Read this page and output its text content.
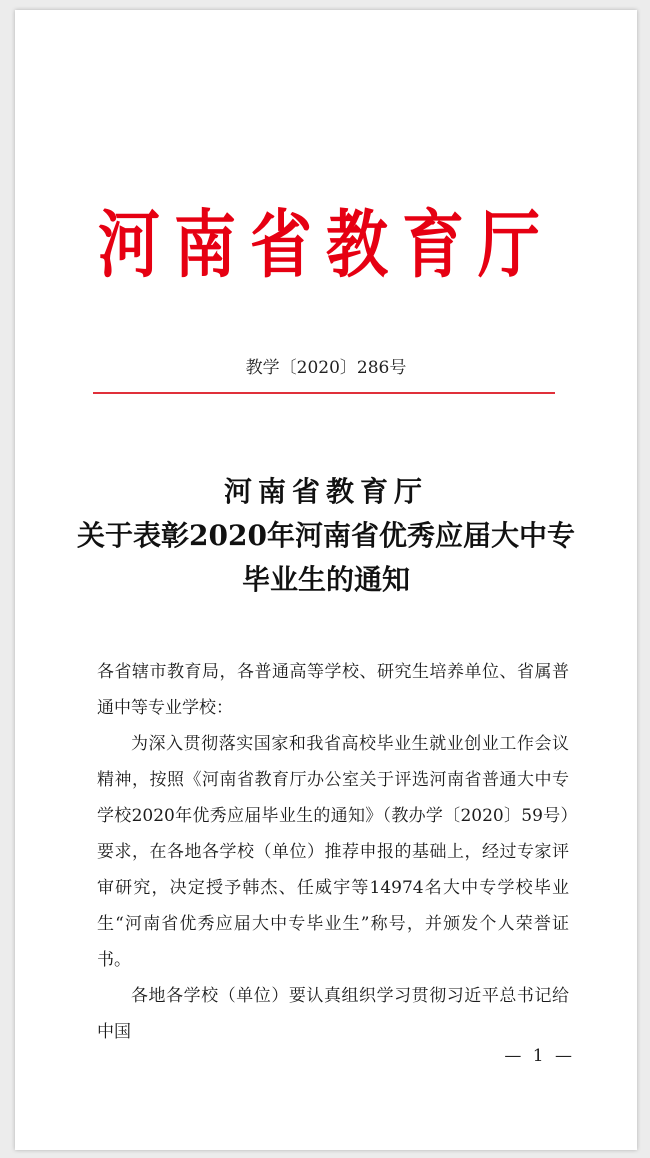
河南省教育厅
教学〔2020〕286号
河南省教育厅
关于表彰2020年河南省优秀应届大中专
毕业生的通知

各省辖市教育局，各普通高等学校、研究生培养单位、省属普通中等专业学校：

为深入贯彻落实国家和我省高校毕业生就业创业工作会议精神，按照《河南省教育厅办公室关于评选河南省普通大中专学校2020年优秀应届毕业生的通知》（教办学〔2020〕59号）要求，在各地各学校（单位）推荐申报的基础上，经过专家评审研究，决定授予韩杰、任威宇等14974名大中专学校毕业生“河南省优秀应届大中专毕业生”称号，并颁发个人荣誉证书。

各地各学校（单位）要认真组织学习贯彻习近平总书记给中国

— 1 —
